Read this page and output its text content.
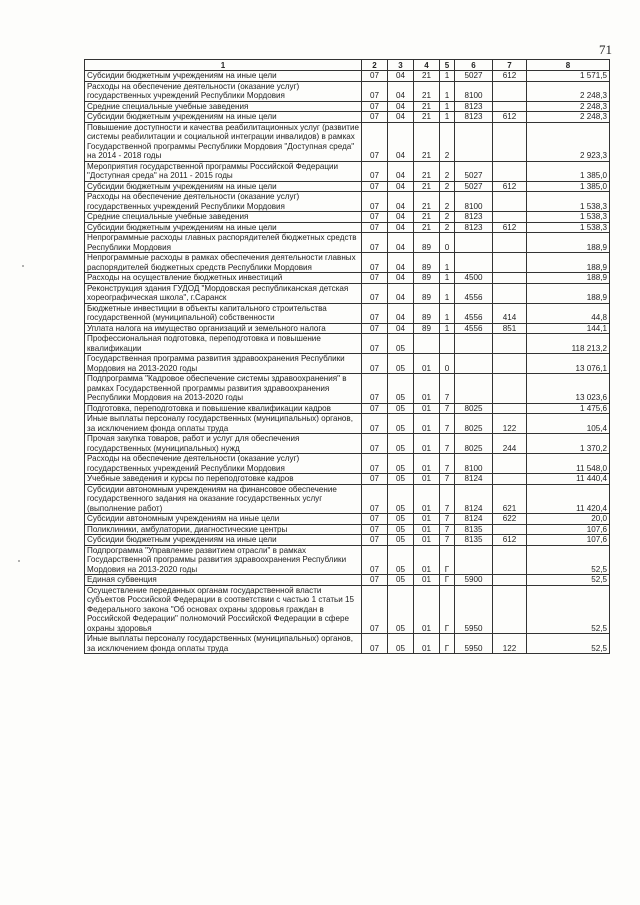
71
1	2	3	4	5	6	7	8
Субсидии бюджетным учреждениям на иные цели	07	04	21	1	5027	612	1 571,5
Расходы на обеспечение деятельности (оказание услуг) государственных учреждений Республики Мордовия	07	04	21	1	8100		2 248,3
Средние специальные учебные заведения	07	04	21	1	8123		2 248,3
Субсидии бюджетным учреждениям на иные цели	07	04	21	1	8123	612	2 248,3
Повышение доступности и качества реабилитационных услуг (развитие системы реабилитации и социальной интеграции инвалидов) в рамках Государственной программы Республики Мордовия "Доступная среда" на 2014 - 2018 годы	07	04	21	2			2 923,3
Мероприятия государственной программы Российской Федерации "Доступная среда" на 2011 - 2015 годы	07	04	21	2	5027		1 385,0
Субсидии бюджетным учреждениям на иные цели	07	04	21	2	5027	612	1 385,0
Расходы на обеспечение деятельности (оказание услуг) государственных учреждений Республики Мордовия	07	04	21	2	8100		1 538,3
Средние специальные учебные заведения	07	04	21	2	8123		1 538,3
Субсидии бюджетным учреждениям на иные цели	07	04	21	2	8123	612	1 538,3
Непрограммные расходы главных распорядителей бюджетных средств Республики Мордовия	07	04	89	0			188,9
Непрограммные расходы в рамках обеспечения деятельности главных распорядителей бюджетных средств Республики Мордовия	07	04	89	1			188,9
Расходы на осуществление бюджетных инвестиций	07	04	89	1	4500		188,9
Реконструкция здания ГУДОД "Мордовская республиканская детская хореографическая школа", г.Саранск	07	04	89	1	4556		188,9
Бюджетные инвестиции в объекты капитального строительства государственной (муниципальной) собственности	07	04	89	1	4556	414	44,8
Уплата налога на имущество организаций и земельного налога	07	04	89	1	4556	851	144,1
Профессиональная подготовка, переподготовка и повышение квалификации	07	05					118 213,2
Государственная программа развития здравоохранения Республики Мордовия на 2013-2020 годы	07	05	01	0			13 076,1
Подпрограмма "Кадровое обеспечение системы здравоохранения" в рамках Государственной программы развития здравоохранения Республики Мордовия на 2013-2020 годы	07	05	01	7			13 023,6
Подготовка, переподготовка и повышение квалификации кадров	07	05	01	7	8025		1 475,6
Иные выплаты персоналу государственных (муниципальных) органов, за исключением фонда оплаты труда	07	05	01	7	8025	122	105,4
Прочая закупка товаров, работ и услуг для обеспечения государственных (муниципальных) нужд	07	05	01	7	8025	244	1 370,2
Расходы на обеспечение деятельности (оказание услуг) государственных учреждений Республики Мордовия	07	05	01	7	8100		11 548,0
Учебные заведения и курсы по переподготовке кадров	07	05	01	7	8124		11 440,4
Субсидии автономным учреждениям на финансовое обеспечение государственного задания на оказание государственных услуг (выполнение работ)	07	05	01	7	8124	621	11 420,4
Субсидии автономным учреждениям на иные цели	07	05	01	7	8124	622	20,0
Поликлиники, амбулатории, диагностические центры	07	05	01	7	8135		107,6
Субсидии бюджетным учреждениям на иные цели	07	05	01	7	8135	612	107,6
Подпрограмма "Управление развитием отрасли" в рамках Государственной программы развития здравоохранения Республики Мордовия на 2013-2020 годы	07	05	01	Г			52,5
Единая субвенция	07	05	01	Г	5900		52,5
Осуществление переданных органам государственной власти субъектов Российской Федерации в соответствии с частью 1 статьи 15 Федерального закона "Об основах охраны здоровья граждан в Российской Федерации" полномочий Российской Федерации в сфере охраны здоровья	07	05	01	Г	5950		52,5
Иные выплаты персоналу государственных (муниципальных) органов, за исключением фонда оплаты труда	07	05	01	Г	5950	122	52,5
